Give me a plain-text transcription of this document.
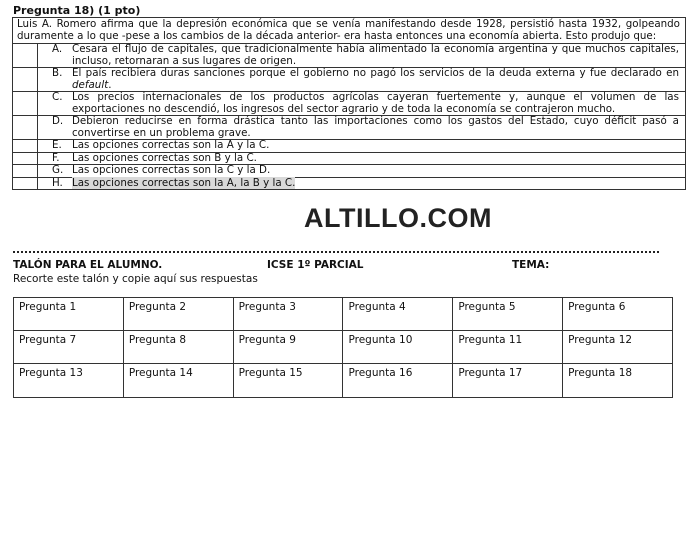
Pregunta 18) (1 pto)
Luis A. Romero afirma que la depresión económica que se venía manifestando desde 1928, persistió hasta 1932, golpeando duramente a lo que -pese a los cambios de la década anterior- era hasta entonces una economía abierta. Esto produjo que:		
	A.	Cesara el flujo de capitales, que tradicionalmente había alimentado la economía argentina y que muchos capitales, incluso, retornaran a sus lugares de origen.
	B.	El país recibiera duras sanciones porque el gobierno no pagó los servicios de la deuda externa y fue declarado en default.
	C.	Los precios internacionales de los productos agrícolas cayeran fuertemente y, aunque el volumen de las exportaciones no descendió, los ingresos del sector agrario y de toda la economía se contrajeron mucho.
	D.	Debieron reducirse en forma drástica tanto las importaciones como los gastos del Estado, cuyo déficit pasó a convertirse en un problema grave.
	E.	Las opciones correctas son la A y la C.
	F.	Las opciones correctas son B y la C.
	G.	Las opciones correctas son la C y la D.
	H.	Las opciones correctas son la A, la B y la C.
ALTILLO.COM
TALÓN PARA EL ALUMNO.	ICSE 1º PARCIAL	TEMA:
Recorte este talón y copie aquí sus respuestas
Pregunta 1	Pregunta 2	Pregunta 3	Pregunta 4	Pregunta 5	Pregunta 6
Pregunta 7	Pregunta 8	Pregunta 9	Pregunta 10	Pregunta 11	Pregunta 12
Pregunta 13	Pregunta 14	Pregunta 15	Pregunta 16	Pregunta 17	Pregunta 18
